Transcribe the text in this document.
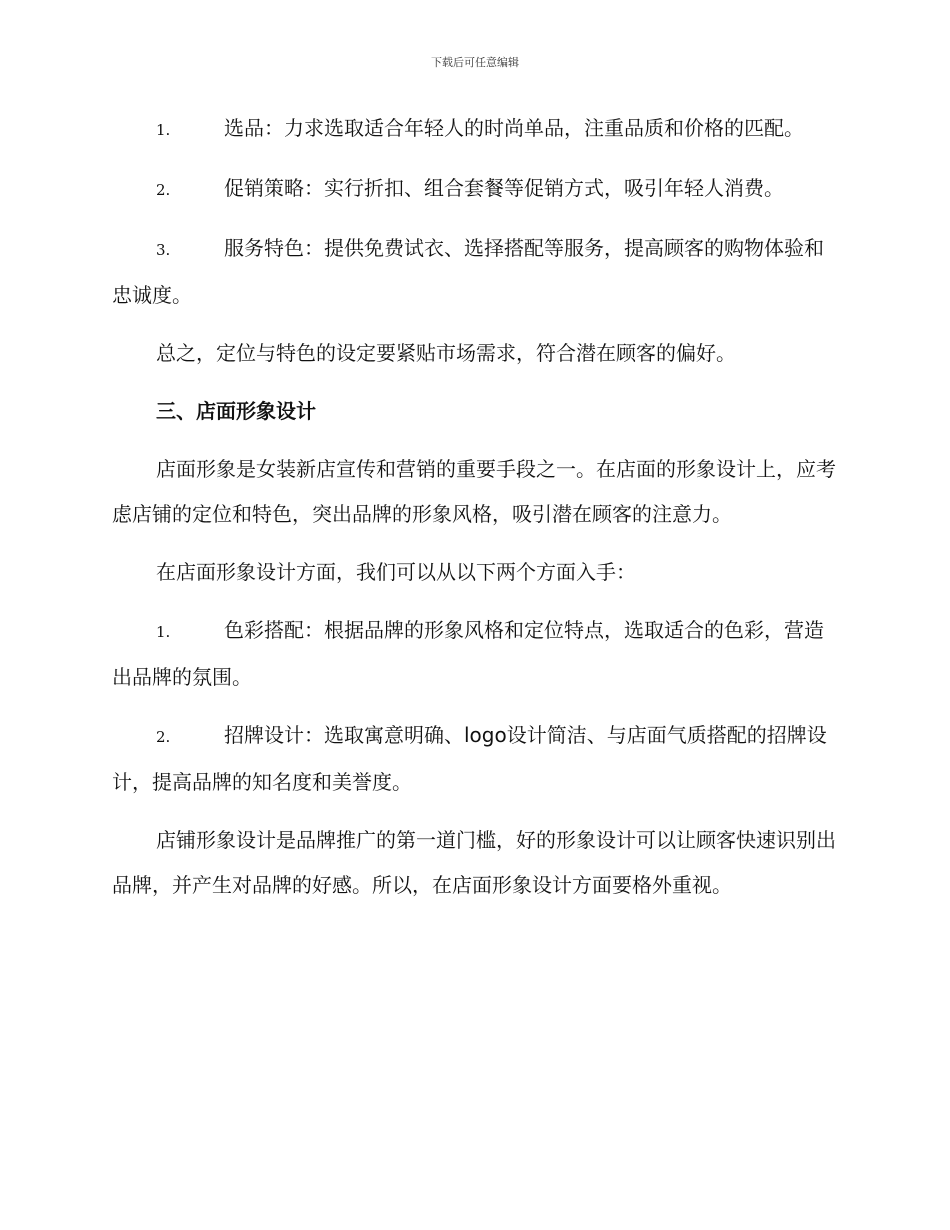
下载后可任意编辑

1.	选品：力求选取适合年轻人的时尚单品，注重品质和价格的匹配。

2.	促销策略：实行折扣、组合套餐等促销方式，吸引年轻人消费。

3.	服务特色：提供免费试衣、选择搭配等服务，提高顾客的购物体验和忠诚度。

总之，定位与特色的设定要紧贴市场需求，符合潜在顾客的偏好。

三、店面形象设计

店面形象是女装新店宣传和营销的重要手段之一。在店面的形象设计上，应考虑店铺的定位和特色，突出品牌的形象风格，吸引潜在顾客的注意力。

在店面形象设计方面，我们可以从以下两个方面入手：

1.	色彩搭配：根据品牌的形象风格和定位特点，选取适合的色彩，营造出品牌的氛围。

2.	招牌设计：选取寓意明确、logo设计简洁、与店面气质搭配的招牌设计，提高品牌的知名度和美誉度。

店铺形象设计是品牌推广的第一道门槛，好的形象设计可以让顾客快速识别出品牌，并产生对品牌的好感。所以，在店面形象设计方面要格外重视。
